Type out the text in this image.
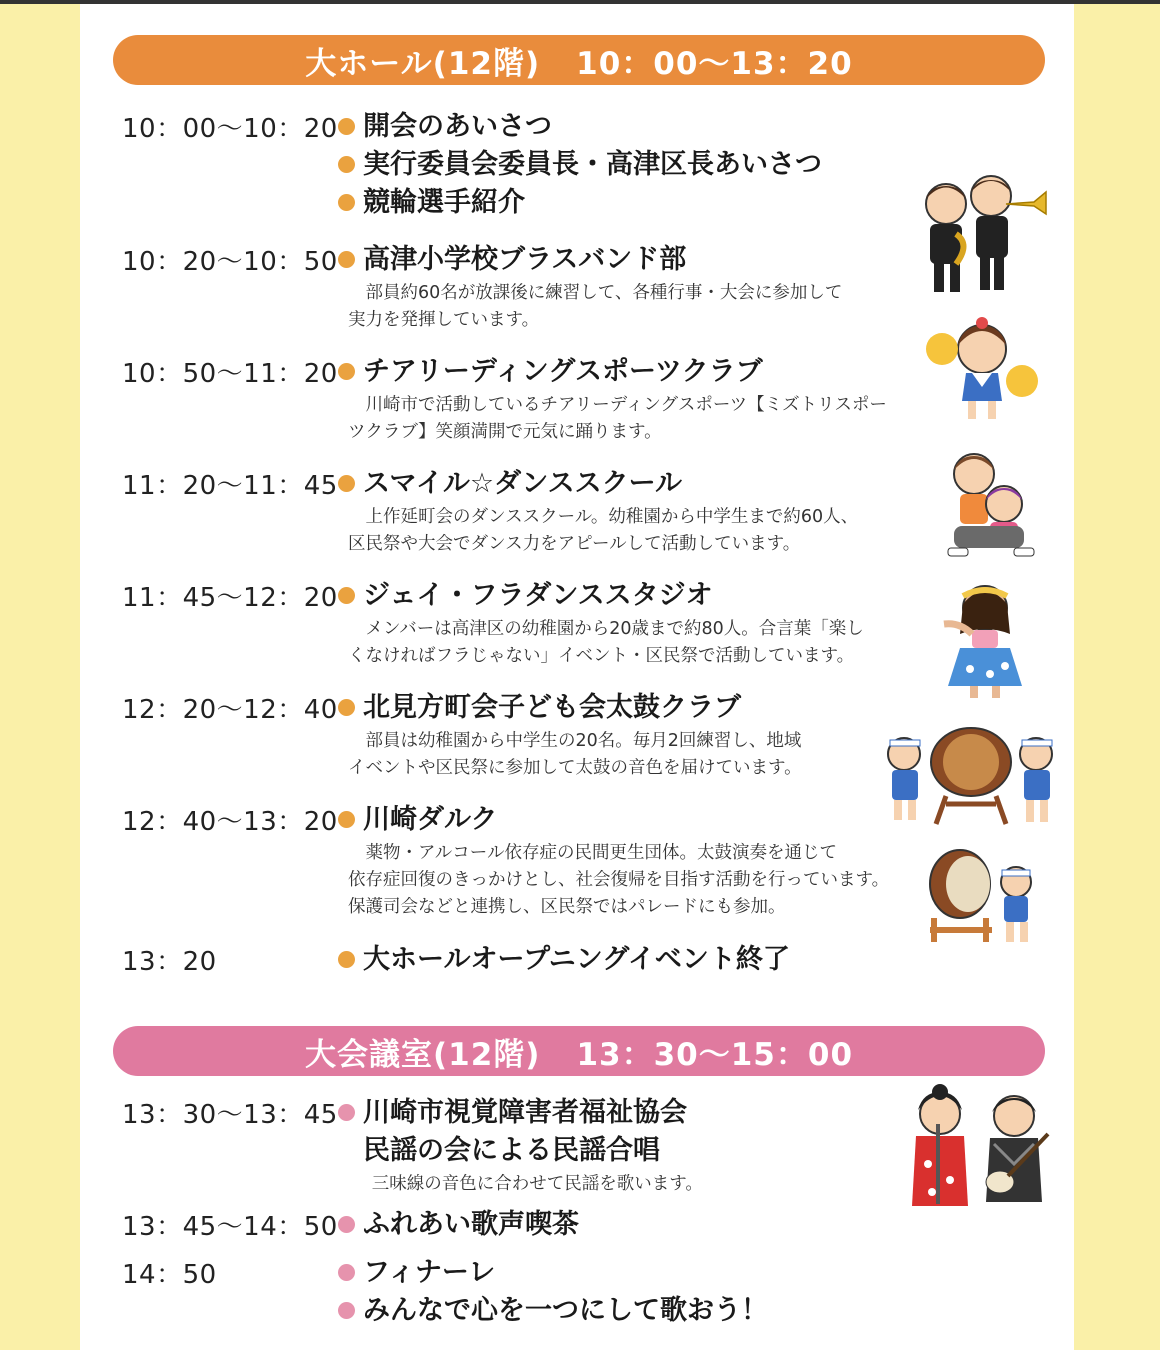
大ホール(12階) 10：00〜13：20
10：00〜10：20 開会のあいさつ
実行委員会委員長・高津区長あいさつ
競輪選手紹介
10：20〜10：50 高津小学校ブラスバンド部
部員約60名が放課後に練習して、各種行事・大会に参加して
実力を発揮しています。
10：50〜11：20 チアリーディングスポーツクラブ
川崎市で活動しているチアリーディングスポーツ【ミズトリスポー
ツクラブ】笑顔満開で元気に踊ります。
11：20〜11：45 スマイル☆ダンススクール
上作延町会のダンススクール。幼稚園から中学生まで約60人、
区民祭や大会でダンス力をアピールして活動しています。
11：45〜12：20 ジェイ・フラダンススタジオ
メンバーは高津区の幼稚園から20歳まで約80人。合言葉「楽し
くなければフラじゃない」イベント・区民祭で活動しています。
12：20〜12：40 北見方町会子ども会太鼓クラブ
部員は幼稚園から中学生の20名。毎月2回練習し、地域
イベントや区民祭に参加して太鼓の音色を届けています。
12：40〜13：20 川崎ダルク
薬物・アルコール依存症の民間更生団体。太鼓演奏を通じて
依存症回復のきっかけとし、社会復帰を目指す活動を行っています。
保護司会などと連携し、区民祭ではパレードにも参加。
13：20	大ホールオープニングイベント終了
大会議室(12階) 13：30〜15：00
13：30〜13：45 川崎市視覚障害者福祉協会
民謡の会による民謡合唱
三味線の音色に合わせて民謡を歌います。
13：45〜14：50 ふれあい歌声喫茶
14：50	フィナーレ
みんなで心を一つにして歌おう！
